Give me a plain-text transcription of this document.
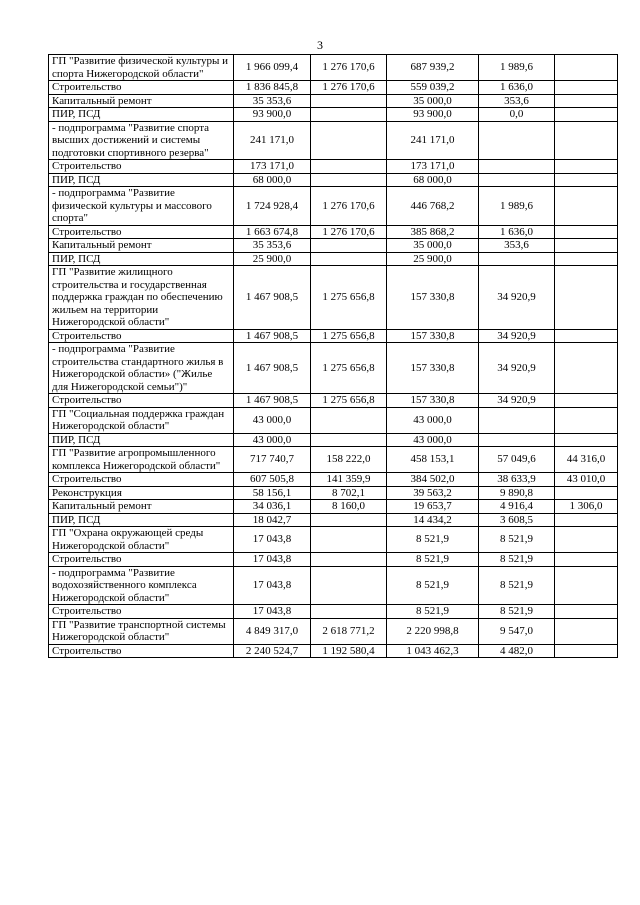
3
ГП "Развитие физической культуры и спорта Нижегородской области"	1 966 099,4	1 276 170,6	687 939,2	1 989,6	
Строительство	1 836 845,8	1 276 170,6	559 039,2	1 636,0	
Капитальный ремонт	35 353,6		35 000,0	353,6	
ПИР, ПСД	93 900,0		93 900,0	0,0	
- подпрограмма "Развитие спорта высших достижений и системы подготовки спортивного резерва"	241 171,0		241 171,0		
Строительство	173 171,0		173 171,0		
ПИР, ПСД	68 000,0		68 000,0		
- подпрограмма "Развитие физической культуры и массового спорта"	1 724 928,4	1 276 170,6	446 768,2	1 989,6	
Строительство	1 663 674,8	1 276 170,6	385 868,2	1 636,0	
Капитальный ремонт	35 353,6		35 000,0	353,6	
ПИР, ПСД	25 900,0		25 900,0		
ГП "Развитие жилищного строительства и государственная поддержка граждан по обеспечению жильем на территории Нижегородской области"	1 467 908,5	1 275 656,8	157 330,8	34 920,9	
Строительство	1 467 908,5	1 275 656,8	157 330,8	34 920,9	
- подпрограмма "Развитие строительства стандартного жилья в Нижегородской области» ("Жилье для Нижегородской семьи")"	1 467 908,5	1 275 656,8	157 330,8	34 920,9	
Строительство	1 467 908,5	1 275 656,8	157 330,8	34 920,9	
ГП "Социальная поддержка граждан Нижегородской области"	43 000,0		43 000,0		
ПИР, ПСД	43 000,0		43 000,0		
ГП "Развитие агропромышленного комплекса Нижегородской области"	717 740,7	158 222,0	458 153,1	57 049,6	44 316,0
Строительство	607 505,8	141 359,9	384 502,0	38 633,9	43 010,0
Реконструкция	58 156,1	8 702,1	39 563,2	9 890,8	
Капитальный ремонт	34 036,1	8 160,0	19 653,7	4 916,4	1 306,0
ПИР, ПСД	18 042,7		14 434,2	3 608,5	
ГП "Охрана окружающей среды Нижегородской области"	17 043,8		8 521,9	8 521,9	
Строительство	17 043,8		8 521,9	8 521,9	
- подпрограмма "Развитие водохозяйственного комплекса Нижегородской области"	17 043,8		8 521,9	8 521,9	
Строительство	17 043,8		8 521,9	8 521,9	
ГП "Развитие транспортной системы Нижегородской области"	4 849 317,0	2 618 771,2	2 220 998,8	9 547,0	
Строительство	2 240 524,7	1 192 580,4	1 043 462,3	4 482,0	
